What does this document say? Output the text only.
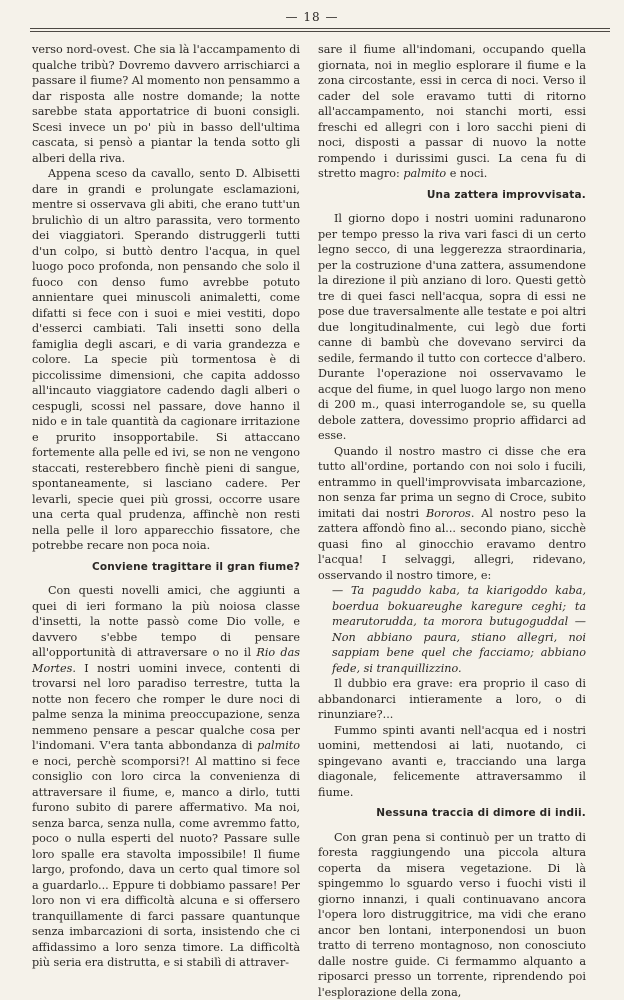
— 18 —

verso nord-ovest. Che sia là l'accampamento di qualche tribù? Dovremo davvero arrischiarci a passare il fiume? Al momento non pensammo a dar risposta alle nostre domande; la notte sarebbe stata apportatrice di buoni consigli. Scesi invece un po' più in basso dell'ultima cascata, si pensò a piantar la tenda sotto gli alberi della riva.

Appena sceso da cavallo, sento D. Albisetti dare in grandi e prolungate esclamazioni, mentre si osservava gli abiti, che erano tutt'un brulichìo di un altro parassita, vero tormento dei viaggiatori. Sperando distruggerli tutti d'un colpo, si buttò dentro l'acqua, in quel luogo poco profonda, non pensando che solo il fuoco con denso fumo avrebbe potuto annientare quei minuscoli animaletti, come difatti si fece con i suoi e miei vestiti, dopo d'esserci cambiati. Tali insetti sono della famiglia degli ascari, e di varia grandezza e colore. La specie più tormentosa è di piccolissime dimensioni, che capita addosso all'incauto viaggiatore cadendo dagli alberi o cespugli, scossi nel passare, dove hanno il nido e in tale quantità da cagionare irritazione e prurito insopportabile. Si attaccano fortemente alla pelle ed ivi, se non ne vengono staccati, resterebbero finchè pieni di sangue, spontaneamente, si lasciano cadere. Per levarli, specie quei più grossi, occorre usare una certa qual prudenza, affinchè non resti nella pelle il loro apparecchio fissatore, che potrebbe recare non poca noia.

Conviene tragittare il gran fiume?

Con questi novelli amici, che aggiunti a quei di ieri formano la più noiosa classe d'insetti, la notte passò come Dio volle, e davvero s'ebbe tempo di pensare all'opportunità di attraversare o no il Rio das Mortes. I nostri uomini invece, contenti di trovarsi nel loro paradiso terrestre, tutta la notte non fecero che romper le dure noci di palme senza la minima preoccupazione, senza nemmeno pensare a pescar qualche cosa per l'indomani. V'era tanta abbondanza di palmito e noci, perchè scomporsi?! Al mattino si fece consiglio con loro circa la convenienza di attraversare il fiume, e, manco a dirlo, tutti furono subito di parere affermativo. Ma noi, senza barca, senza nulla, come avremmo fatto, poco o nulla esperti del nuoto? Passare sulle loro spalle era stavolta impossibile! Il fiume largo, profondo, dava un certo qual timore sol a guardarlo... Eppure ti dobbiamo passare! Per loro non vi era difficoltà alcuna e si offersero tranquillamente di farci passare quantunque senza imbarcazioni di sorta, insistendo che ci affidassimo a loro senza timore. La difficoltà più seria era distrutta, e si stabilì di attraver-

sare il fiume all'indomani, occupando quella giornata, noi in meglio esplorare il fiume e la zona circostante, essi in cerca di noci. Verso il cader del sole eravamo tutti di ritorno all'accampamento, noi stanchi morti, essi freschi ed allegri con i loro sacchi pieni di noci, disposti a passar di nuovo la notte rompendo i durissimi gusci. La cena fu di stretto magro: palmito e noci.

Una zattera improvvisata.

Il giorno dopo i nostri uomini radunarono per tempo presso la riva vari fasci di un certo legno secco, di una leggerezza straordinaria, per la costruzione d'una zattera, assumendone la direzione il più anziano di loro. Questi gettò tre di quei fasci nell'acqua, sopra di essi ne pose due traversalmente alle testate e poi altri due longitudinalmente, cui legò due forti canne di bambù che dovevano servirci da sedile, fermando il tutto con cortecce d'albero. Durante l'operazione noi osservavamo le acque del fiume, in quel luogo largo non meno di 200 m., quasi interrogandole se, su quella debole zattera, dovessimo proprio affidarci ad esse.

Quando il nostro mastro ci disse che era tutto all'ordine, portando con noi solo i fucili, entrammo in quell'improvvisata imbarcazione, non senza far prima un segno di Croce, subito imitati dai nostri Bororos. Al nostro peso la zattera affondò fino al... secondo piano, sicchè quasi fino al ginocchio eravamo dentro l'acqua! I selvaggi, allegri, ridevano, osservando il nostro timore, e:

— Ta paguddo kaba, ta kiarigoddo kaba, boerdua bokuareughe karegure ceghi; ta mearutorudda, ta morora butugoguddal — Non abbiano paura, stiano allegri, noi sappiam bene quel che facciamo; abbiano fede, si tranquillizzino.

Il dubbio era grave: era proprio il caso di abbandonarci intieramente a loro, o di rinunziare?...

Fummo spinti avanti nell'acqua ed i nostri uomini, mettendosi ai lati, nuotando, ci spingevano avanti e, tracciando una larga diagonale, felicemente attraversammo il fiume.

Nessuna traccia di dimore di indii.

Con gran pena si continuò per un tratto di foresta raggiungendo una piccola altura coperta da misera vegetazione. Di là spingemmo lo sguardo verso i fuochi visti il giorno innanzi, i quali continuavano ancora l'opera loro distruggitrice, ma vidi che erano ancor ben lontani, interponendosi un buon tratto di terreno montagnoso, non conosciuto dalle nostre guide. Ci fermammo alquanto a riposarci presso un torrente, riprendendo poi l'esplorazione della zona,
